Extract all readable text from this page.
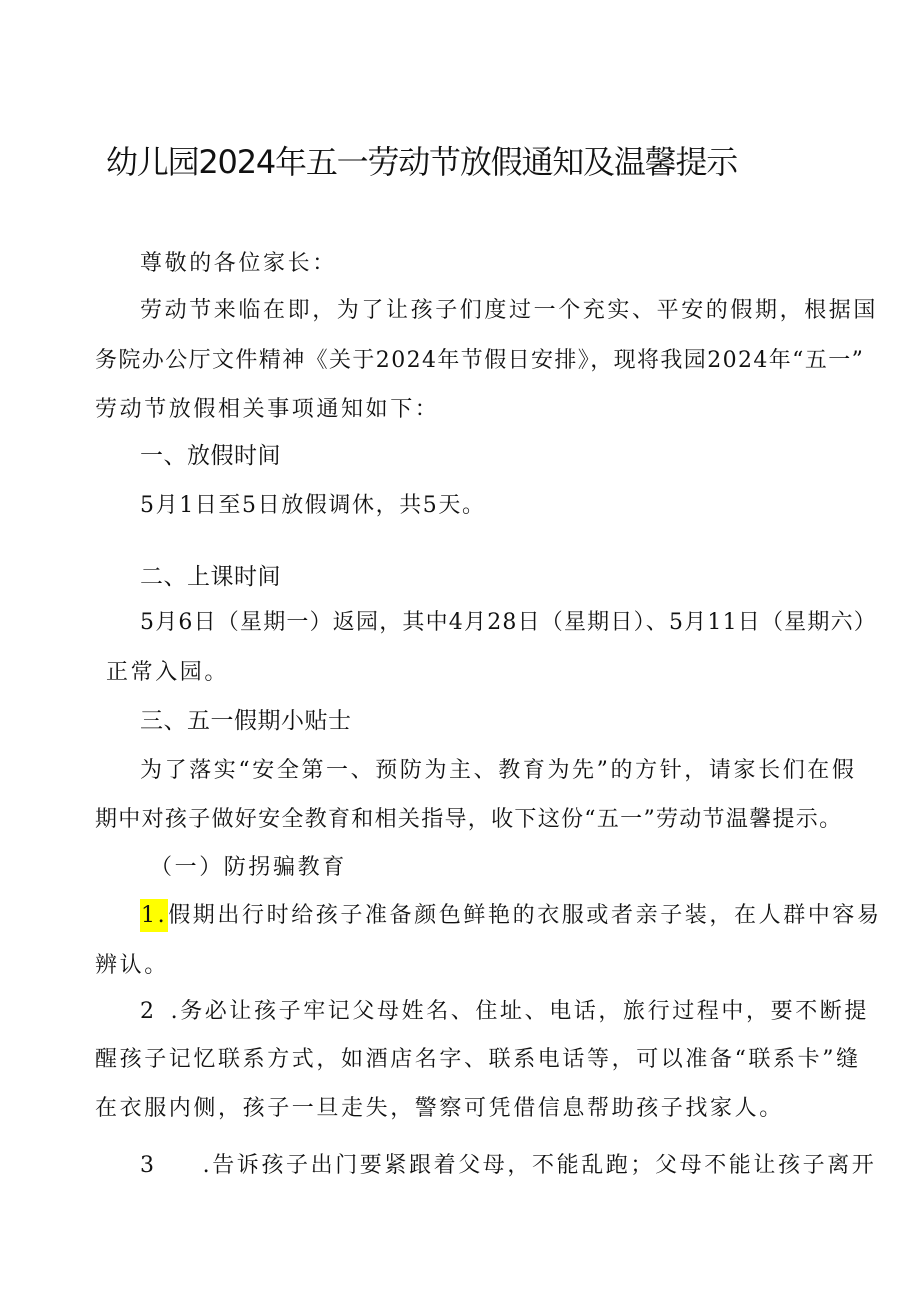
幼儿园2024年五一劳动节放假通知及温馨提示
尊敬的各位家长：
劳动节来临在即，为了让孩子们度过一个充实、平安的假期，根据国
务院办公厅文件精神《关于2024年节假日安排》，现将我园2024年“五一”
劳动节放假相关事项通知如下：
一、放假时间
5月1日至5日放假调休，共5天。
二、上课时间
5月6日（星期一）返园，其中4月28日（星期日）、5月11日（星期六）
正常入园。
三、五一假期小贴士
为了落实“安全第一、预防为主、教育为先”的方针，请家长们在假
期中对孩子做好安全教育和相关指导，收下这份“五一”劳动节温馨提示。
（一）防拐骗教育
1.假期出行时给孩子准备颜色鲜艳的衣服或者亲子装，在人群中容易
辨认。
2 .务必让孩子牢记父母姓名、住址、电话，旅行过程中，要不断提
醒孩子记忆联系方式，如酒店名字、联系电话等，可以准备“联系卡”缝
在衣服内侧，孩子一旦走失，警察可凭借信息帮助孩子找家人。
3 .告诉孩子出门要紧跟着父母，不能乱跑；父母不能让孩子离开
